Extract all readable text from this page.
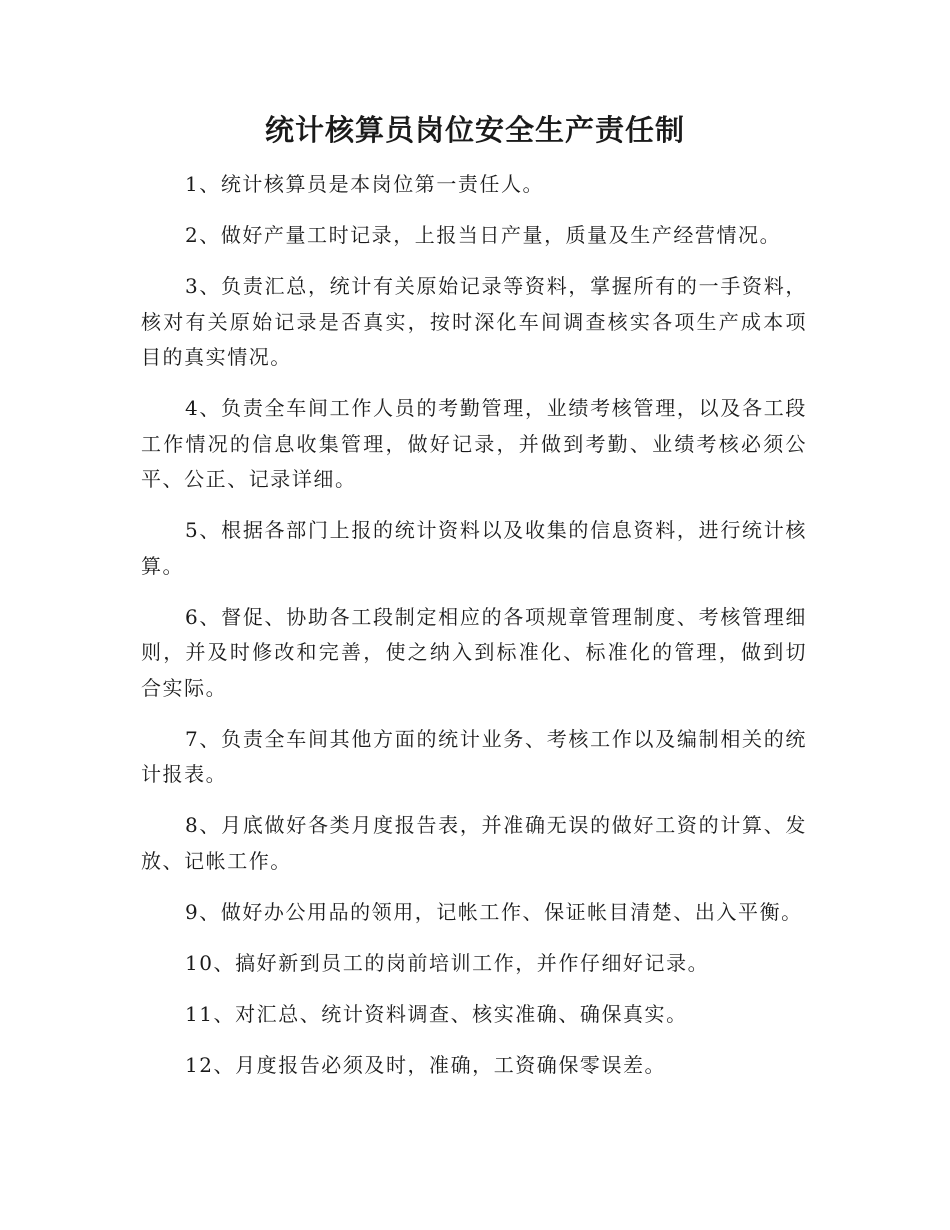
统计核算员岗位安全生产责任制

1、统计核算员是本岗位第一责任人。

2、做好产量工时记录，上报当日产量，质量及生产经营情况。

3、负责汇总，统计有关原始记录等资料，掌握所有的一手资料，核对有关原始记录是否真实，按时深化车间调查核实各项生产成本项目的真实情况。

4、负责全车间工作人员的考勤管理，业绩考核管理，以及各工段工作情况的信息收集管理，做好记录，并做到考勤、业绩考核必须公平、公正、记录详细。

5、根据各部门上报的统计资料以及收集的信息资料，进行统计核算。

6、督促、协助各工段制定相应的各项规章管理制度、考核管理细则，并及时修改和完善，使之纳入到标准化、标准化的管理，做到切合实际。

7、负责全车间其他方面的统计业务、考核工作以及编制相关的统计报表。

8、月底做好各类月度报告表，并准确无误的做好工资的计算、发放、记帐工作。

9、做好办公用品的领用，记帐工作、保证帐目清楚、出入平衡。

10、搞好新到员工的岗前培训工作，并作仔细好记录。

11、对汇总、统计资料调查、核实准确、确保真实。

12、月度报告必须及时，准确，工资确保零误差。
